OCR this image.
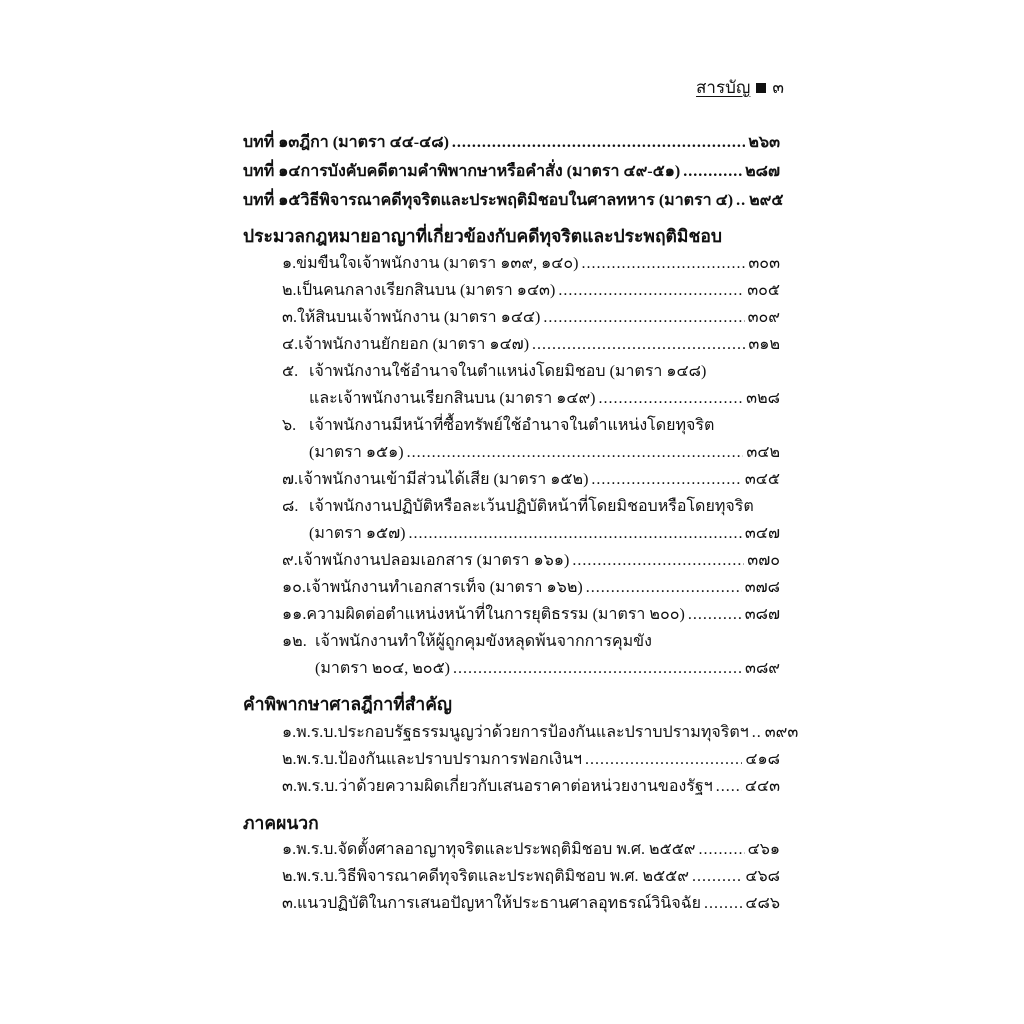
สารบัญ ๓
บทที่ ๑๓ ฎีกา (มาตรา ๔๔-๔๘) .....	๒๖๓
บทที่ ๑๔ การบังคับคดีตามคำพิพากษาหรือคำสั่ง (มาตรา ๔๙-๕๑) .....	๒๘๗
บทที่ ๑๕ วิธีพิจารณาคดีทุจริตและประพฤติมิชอบในศาลทหาร (มาตรา ๔) ..... ๒๙๕
ประมวลกฎหมายอาญาที่เกี่ยวข้องกับคดีทุจริตและประพฤติมิชอบ
๑. ข่มขืนใจเจ้าพนักงาน (มาตรา ๑๓๙, ๑๔๐) .....	๓๐๓
๒. เป็นคนกลางเรียกสินบน (มาตรา ๑๔๓) .....	๓๐๕
๓. ให้สินบนเจ้าพนักงาน (มาตรา ๑๔๔) .....	๓๐๙
๔. เจ้าพนักงานยักยอก (มาตรา ๑๔๗) .....	๓๑๒
๕. เจ้าพนักงานใช้อำนาจในตำแหน่งโดยมิชอบ (มาตรา ๑๔๘)
และเจ้าพนักงานเรียกสินบน (มาตรา ๑๔๙) .....	๓๒๘
๖. เจ้าพนักงานมีหน้าที่ซื้อทรัพย์ใช้อำนาจในตำแหน่งโดยทุจริต
(มาตรา ๑๕๑) .....	๓๔๒
๗. เจ้าพนักงานเข้ามีส่วนได้เสีย (มาตรา ๑๕๒) .....	๓๔๕
๘. เจ้าพนักงานปฏิบัติหรือละเว้นปฏิบัติหน้าที่โดยมิชอบหรือโดยทุจริต
(มาตรา ๑๕๗) .....	๓๔๗
๙. เจ้าพนักงานปลอมเอกสาร (มาตรา ๑๖๑) .....	๓๗๐
๑๐. เจ้าพนักงานทำเอกสารเท็จ (มาตรา ๑๖๒) .....	๓๗๘
๑๑. ความผิดต่อตำแหน่งหน้าที่ในการยุติธรรม (มาตรา ๒๐๐) .....	๓๘๗
๑๒. เจ้าพนักงานทำให้ผู้ถูกคุมขังหลุดพ้นจากการคุมขัง
(มาตรา ๒๐๔, ๒๐๕) .....	๓๘๙
คำพิพากษาศาลฎีกาที่สำคัญ
๑. พ.ร.บ.ประกอบรัฐธรรมนูญว่าด้วยการป้องกันและปราบปรามทุจริตฯ ..... ๓๙๓
๒. พ.ร.บ.ป้องกันและปราบปรามการฟอกเงินฯ .....	๔๑๘
๓. พ.ร.บ.ว่าด้วยความผิดเกี่ยวกับเสนอราคาต่อหน่วยงานของรัฐฯ ..... ๔๔๓
ภาคผนวก
๑. พ.ร.บ.จัดตั้งศาลอาญาทุจริตและประพฤติมิชอบ พ.ศ. ๒๕๕๙ .....	๔๖๑
๒. พ.ร.บ.วิธีพิจารณาคดีทุจริตและประพฤติมิชอบ พ.ศ. ๒๕๕๙ .....	๔๖๘
๓. แนวปฏิบัติในการเสนอปัญหาให้ประธานศาลอุทธรณ์วินิจฉัย .....	๔๘๖
